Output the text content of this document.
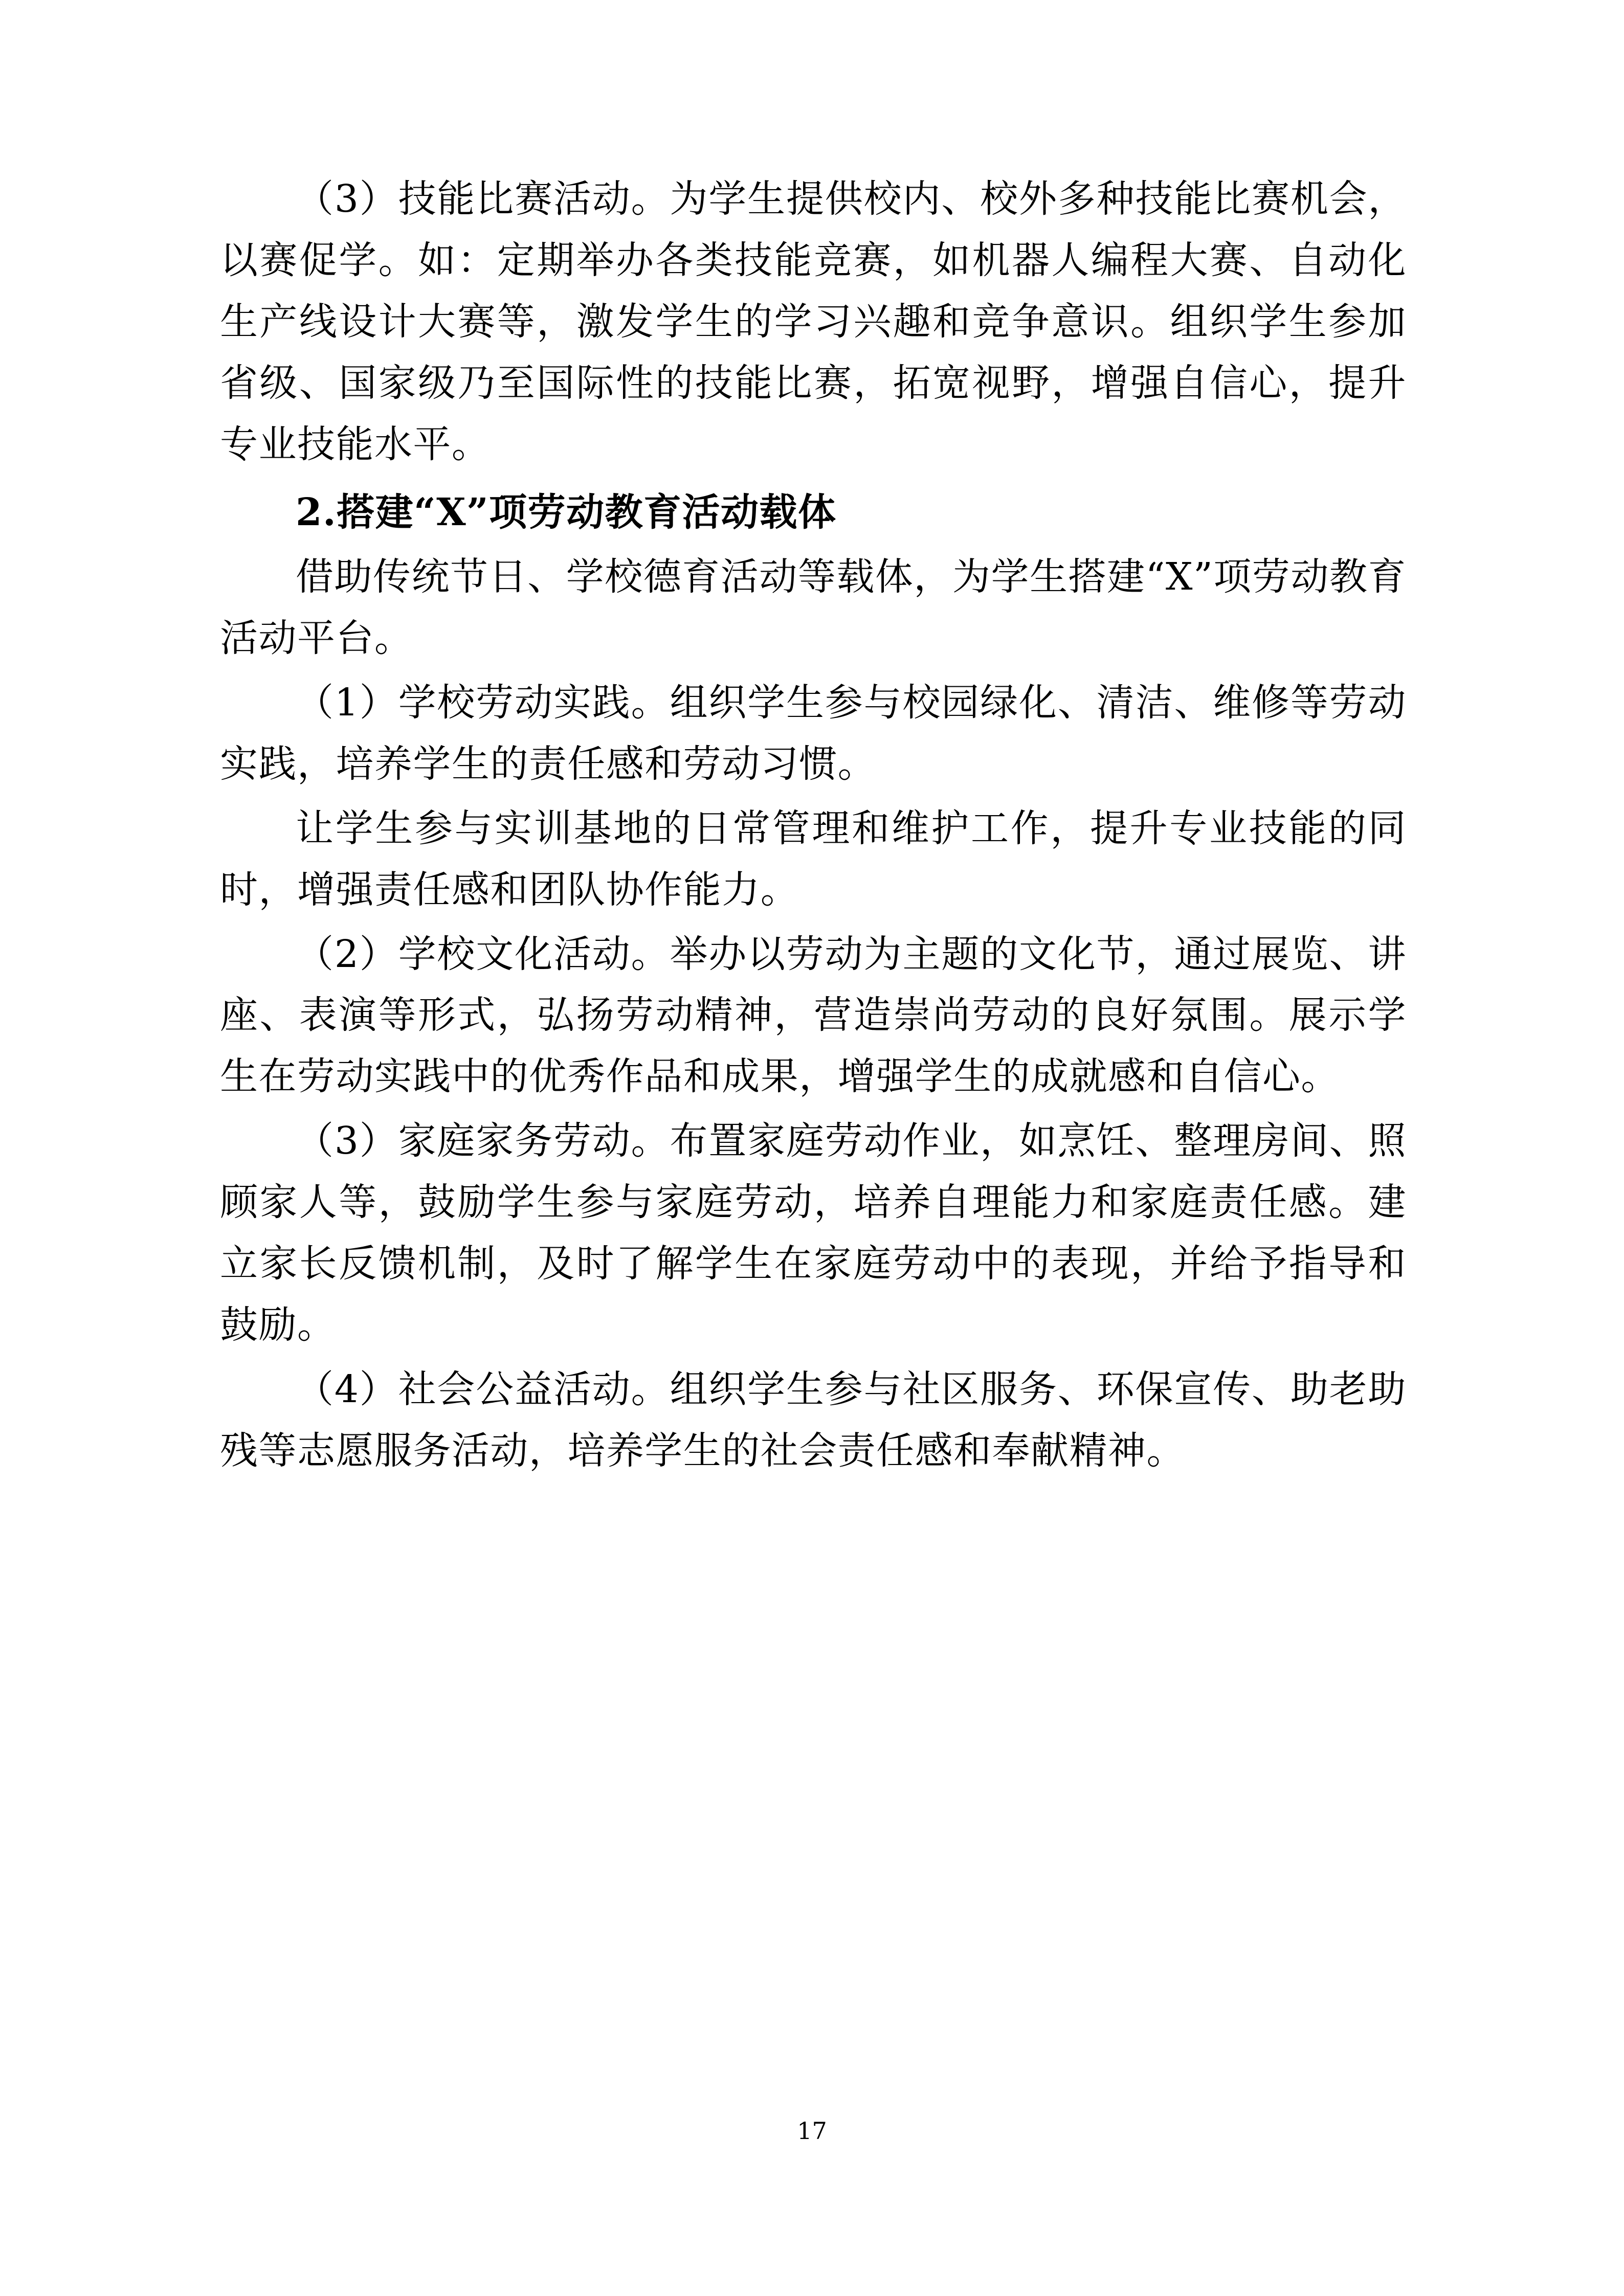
（3）技能比赛活动。为学生提供校内、校外多种技能比赛机会，以赛促学。如：定期举办各类技能竞赛，如机器人编程大赛、自动化生产线设计大赛等，激发学生的学习兴趣和竞争意识。组织学生参加省级、国家级乃至国际性的技能比赛，拓宽视野，增强自信心，提升专业技能水平。

2.搭建“X”项劳动教育活动载体

借助传统节日、学校德育活动等载体，为学生搭建“X”项劳动教育活动平台。

（1）学校劳动实践。组织学生参与校园绿化、清洁、维修等劳动实践，培养学生的责任感和劳动习惯。

让学生参与实训基地的日常管理和维护工作，提升专业技能的同时，增强责任感和团队协作能力。

（2）学校文化活动。举办以劳动为主题的文化节，通过展览、讲座、表演等形式，弘扬劳动精神，营造崇尚劳动的良好氛围。展示学生在劳动实践中的优秀作品和成果，增强学生的成就感和自信心。

（3）家庭家务劳动。布置家庭劳动作业，如烹饪、整理房间、照顾家人等，鼓励学生参与家庭劳动，培养自理能力和家庭责任感。建立家长反馈机制，及时了解学生在家庭劳动中的表现，并给予指导和鼓励。

（4）社会公益活动。组织学生参与社区服务、环保宣传、助老助残等志愿服务活动，培养学生的社会责任感和奉献精神。

17
